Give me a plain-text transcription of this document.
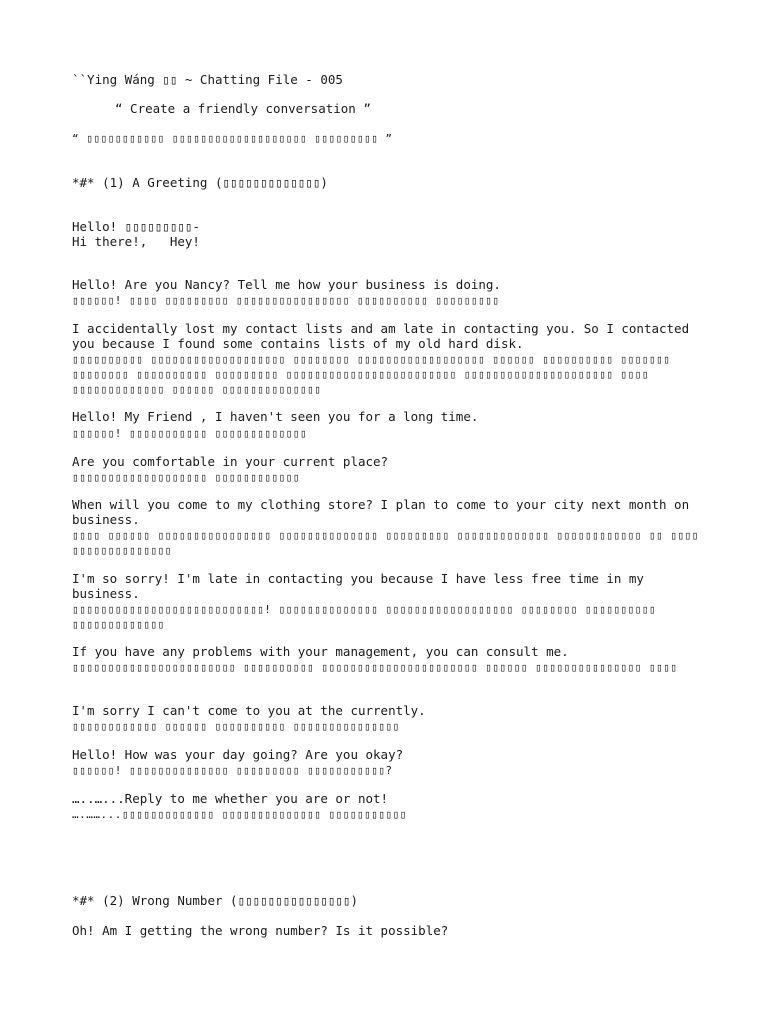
``Ying Wáng ▯▯ ~ Chatting File - 005
“ Create a friendly conversation ”
“ ▯▯▯▯▯▯▯▯▯▯▯ ▯▯▯▯▯▯▯▯▯▯▯▯▯▯▯▯▯▯▯ ▯▯▯▯▯▯▯▯▯ ”
*#* (1) A Greeting (▯▯▯▯▯▯▯▯▯▯▯▯▯)
Hello! ▯▯▯▯▯▯▯▯▯-
Hi there!,   Hey!
Hello! Are you Nancy? Tell me how your business is doing.
▯▯▯▯▯▯! ▯▯▯▯ ▯▯▯▯▯▯▯▯▯ ▯▯▯▯▯▯▯▯▯▯▯▯▯▯▯▯ ▯▯▯▯▯▯▯▯▯▯ ▯▯▯▯▯▯▯▯▯
I accidentally lost my contact lists and am late in contacting you. So I contacted you because I found some contains lists of my old hard disk.
▯▯▯▯▯▯▯▯▯▯ ▯▯▯▯▯▯▯▯▯▯▯▯▯▯▯▯▯▯▯ ▯▯▯▯▯▯▯▯ ▯▯▯▯▯▯▯▯▯▯▯▯▯▯▯▯▯▯ ▯▯▯▯▯▯ ▯▯▯▯▯▯▯▯▯▯ ▯▯▯▯▯▯▯ ▯▯▯▯▯▯▯▯ ▯▯▯▯▯▯▯▯▯▯ ▯▯▯▯▯▯▯▯▯ ▯▯▯▯▯▯▯▯▯▯▯▯▯▯▯▯▯▯▯▯▯▯▯▯ ▯▯▯▯▯▯▯▯▯▯▯▯▯▯▯▯▯▯▯▯▯ ▯▯▯▯ ▯▯▯▯▯▯▯▯▯▯▯▯▯ ▯▯▯▯▯▯ ▯▯▯▯▯▯▯▯▯▯▯▯▯▯
Hello! My Friend , I haven't seen you for a long time.
▯▯▯▯▯▯! ▯▯▯▯▯▯▯▯▯▯▯ ▯▯▯▯▯▯▯▯▯▯▯▯▯
Are you comfortable in your current place?
▯▯▯▯▯▯▯▯▯▯▯▯▯▯▯▯▯▯▯ ▯▯▯▯▯▯▯▯▯▯▯▯
When will you come to my clothing store? I plan to come to your city next month on business.
▯▯▯▯ ▯▯▯▯▯▯ ▯▯▯▯▯▯▯▯▯▯▯▯▯▯▯▯ ▯▯▯▯▯▯▯▯▯▯▯▯▯▯ ▯▯▯▯▯▯▯▯▯ ▯▯▯▯▯▯▯▯▯▯▯▯▯ ▯▯▯▯▯▯▯▯▯▯▯▯ ▯▯ ▯▯▯▯ ▯▯▯▯▯▯▯▯▯▯▯▯▯▯
I'm so sorry! I'm late in contacting you because I have less free time in my business.
▯▯▯▯▯▯▯▯▯▯▯▯▯▯▯▯▯▯▯▯▯▯▯▯▯▯▯! ▯▯▯▯▯▯▯▯▯▯▯▯▯▯ ▯▯▯▯▯▯▯▯▯▯▯▯▯▯▯▯▯▯ ▯▯▯▯▯▯▯▯ ▯▯▯▯▯▯▯▯▯▯ ▯▯▯▯▯▯▯▯▯▯▯▯▯
If you have any problems with your management, you can consult me.
▯▯▯▯▯▯▯▯▯▯▯▯▯▯▯▯▯▯▯▯▯▯▯ ▯▯▯▯▯▯▯▯▯▯ ▯▯▯▯▯▯▯▯▯▯▯▯▯▯▯▯▯▯▯▯▯▯ ▯▯▯▯▯▯ ▯▯▯▯▯▯▯▯▯▯▯▯▯▯▯ ▯▯▯▯
I'm sorry I can't come to you at the currently.
▯▯▯▯▯▯▯▯▯▯▯▯ ▯▯▯▯▯▯ ▯▯▯▯▯▯▯▯▯▯ ▯▯▯▯▯▯▯▯▯▯▯▯▯▯▯
Hello! How was your day going? Are you okay?
▯▯▯▯▯▯! ▯▯▯▯▯▯▯▯▯▯▯▯▯▯ ▯▯▯▯▯▯▯▯▯ ▯▯▯▯▯▯▯▯▯▯▯?
…..…...Reply to me whether you are or not!
….……...▯▯▯▯▯▯▯▯▯▯▯▯▯ ▯▯▯▯▯▯▯▯▯▯▯▯▯▯ ▯▯▯▯▯▯▯▯▯▯▯
*#* (2) Wrong Number (▯▯▯▯▯▯▯▯▯▯▯▯▯▯▯)
Oh! Am I getting the wrong number? Is it possible?
